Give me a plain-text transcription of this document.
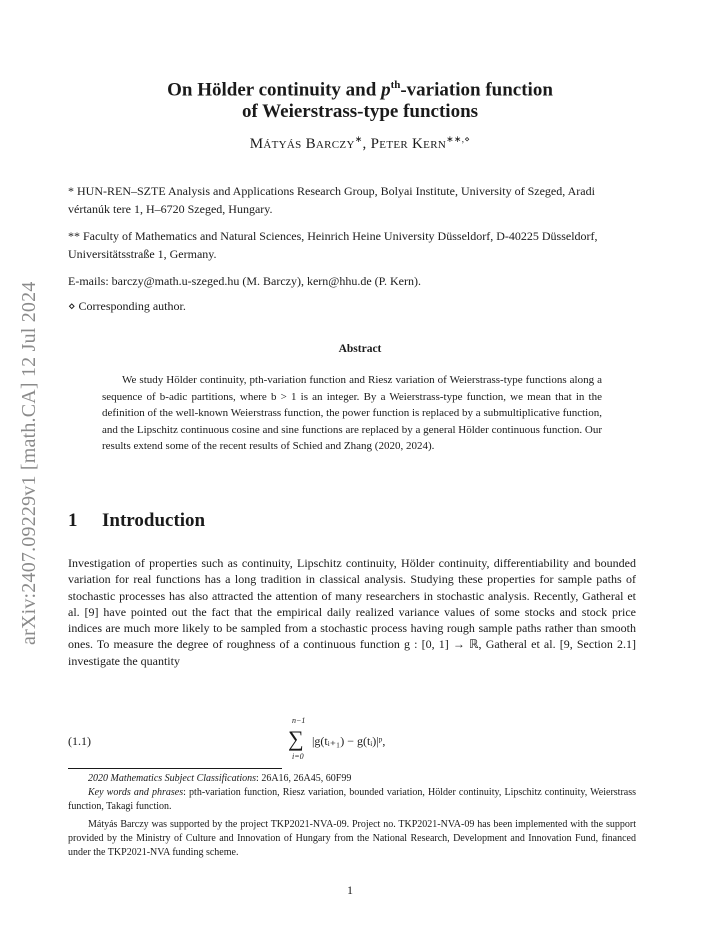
arXiv:2407.09229v1 [math.CA] 12 Jul 2024
On Hölder continuity and $p^{th}$-variation function
of Weierstrass-type functions
Mátyás Barczy∗, Peter Kern∗∗,⋄
* HUN-REN–SZTE Analysis and Applications Research Group, Bolyai Institute, University of Szeged, Aradi vértanúk tere 1, H–6720 Szeged, Hungary.
** Faculty of Mathematics and Natural Sciences, Heinrich Heine University Düsseldorf, D-40225 Düsseldorf, Universitätsstraße 1, Germany.
E-mails: barczy@math.u-szeged.hu (M. Barczy), kern@hhu.de (P. Kern).
⋄ Corresponding author.
Abstract
We study Hölder continuity, pth-variation function and Riesz variation of Weierstrass-type functions along a sequence of b-adic partitions, where b > 1 is an integer. By a Weierstrass-type function, we mean that in the definition of the well-known Weierstrass function, the power function is replaced by a submultiplicative function, and the Lipschitz continuous cosine and sine functions are replaced by a general Hölder continuous function. Our results extend some of the recent results of Schied and Zhang (2020, 2024).
1 Introduction
Investigation of properties such as continuity, Lipschitz continuity, Hölder continuity, differentiability and bounded variation for real functions has a long tradition in classical analysis. Studying these properties for sample paths of stochastic processes has also attracted the attention of many researchers in stochastic analysis. Recently, Gatheral et al. [9] have pointed out the fact that the empirical daily realized variance values of some stocks and stock price indices are much more likely to be sampled from a stochastic process having rough sample paths rather than smooth ones. To measure the degree of roughness of a continuous function g : [0, 1] → ℝ, Gatheral et al. [9, Section 2.1] investigate the quantity
(1.1)
n−1
∑
i=0
|g(tᵢ₊₁) − g(tᵢ)|ᵖ,
2020 Mathematics Subject Classifications: 26A16, 26A45, 60F99
Key words and phrases: pth-variation function, Riesz variation, bounded variation, Hölder continuity, Lipschitz continuity, Weierstrass function, Takagi function.
Mátyás Barczy was supported by the project TKP2021-NVA-09. Project no. TKP2021-NVA-09 has been implemented with the support provided by the Ministry of Culture and Innovation of Hungary from the National Research, Development and Innovation Fund, financed under the TKP2021-NVA funding scheme.
1
